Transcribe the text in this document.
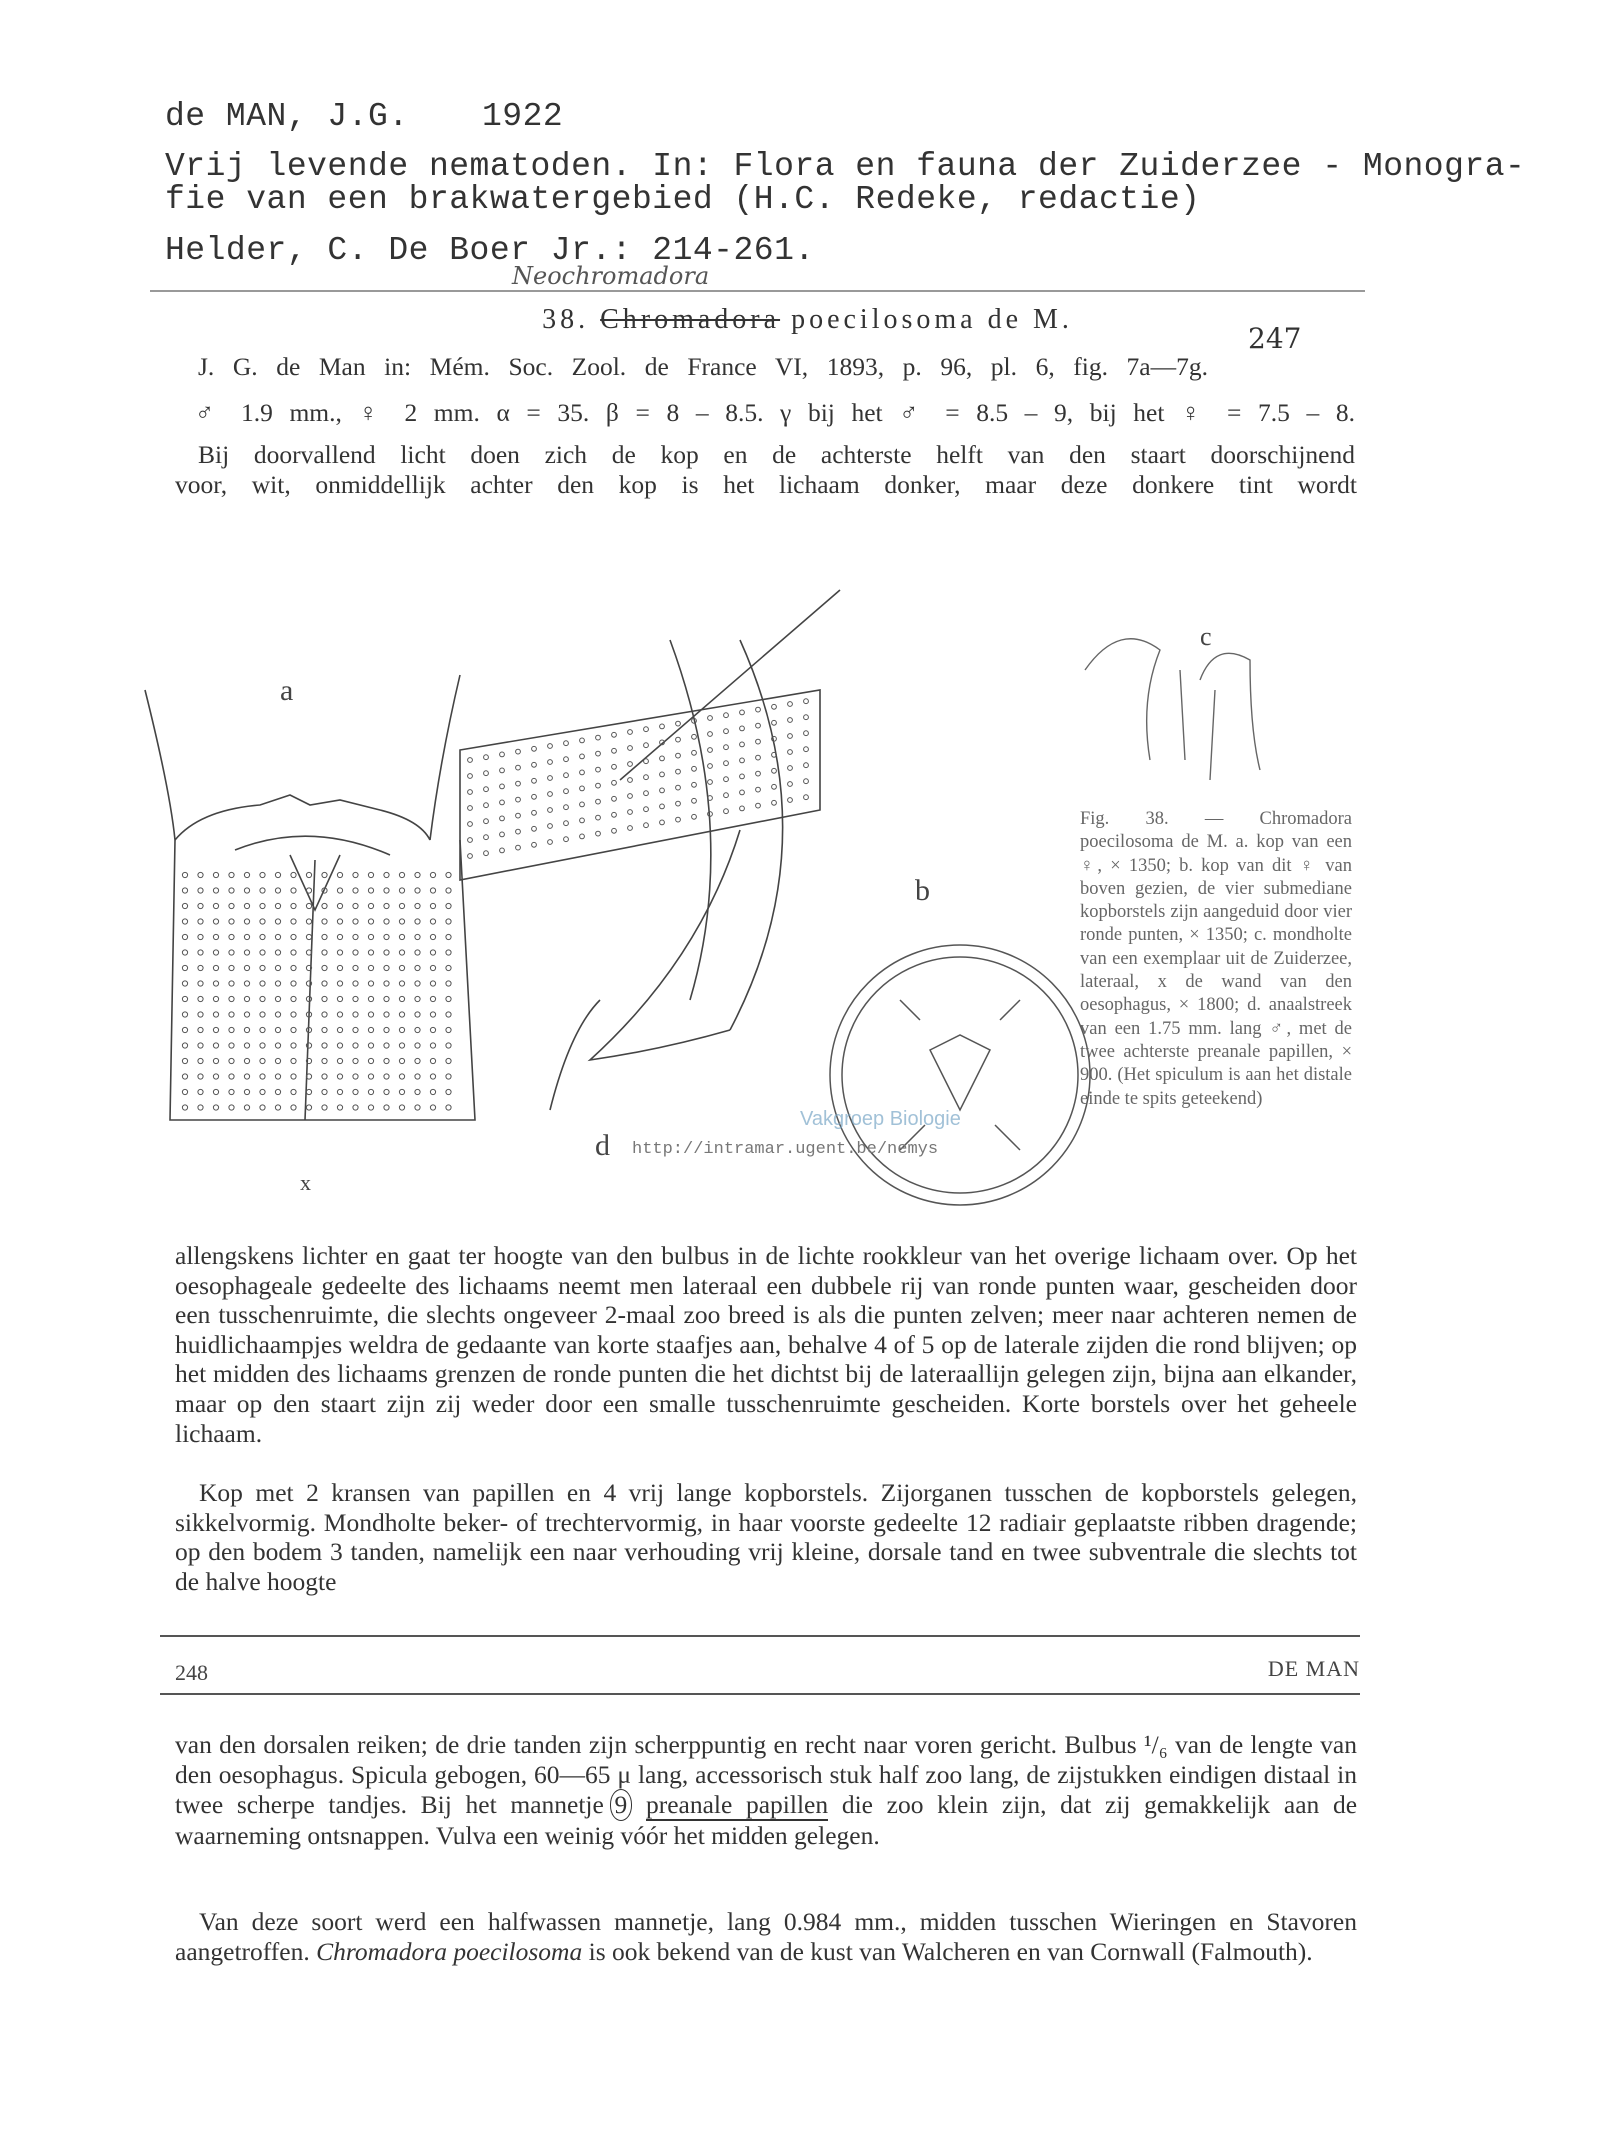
de MAN, J.G. 1922
Vrij levende nematoden. In: Flora en fauna der Zuiderzee - Monogra-
fie van een brakwatergebied (H.C. Redeke, redactie)
Helder, C. De Boer Jr.: 214-261.
Neochromadora
38. Chromadora poecilosoma de M.
247
J. G. de Man in: Mém. Soc. Zool. de France VI, 1893, p. 96, pl. 6, fig. 7a—7g.
♂ 1.9 mm., ♀ 2 mm. α = 35. β = 8 – 8.5. γ bij het ♂ = 8.5 – 9, bij het ♀ = 7.5 – 8.
Bij doorvallend licht doen zich de kop en de achterste helft van den staart doorschijnend
voor, wit, onmiddellijk achter den kop is het lichaam donker, maar deze donkere tint wordt
a
b
c
d
x
Vakgroep Biologie
http://intramar.ugent.be/nemys
Fig. 38. — Chromadora poecilosoma de M. a. kop van een ♀, × 1350; b. kop van dit ♀ van boven gezien, de vier submediane kopborstels zijn aangeduid door vier ronde punten, × 1350; c. mondholte van een exemplaar uit de Zuiderzee, lateraal, x de wand van den oesophagus, × 1800; d. anaalstreek van een 1.75 mm. lang ♂, met de twee achterste preanale papillen, × 900. (Het spiculum is aan het distale einde te spits geteekend)
allengskens lichter en gaat ter hoogte van den bulbus in de lichte rookkleur van het overige lichaam over. Op het oesophageale gedeelte des lichaams neemt men lateraal een dubbele rij van ronde punten waar, gescheiden door een tusschenruimte, die slechts ongeveer 2-maal zoo breed is als die punten zelven; meer naar achteren nemen de huidlichaampjes weldra de gedaante van korte staafjes aan, behalve 4 of 5 op de laterale zijden die rond blijven; op het midden des lichaams grenzen de ronde punten die het dichtst bij de lateraallijn gelegen zijn, bijna aan elkander, maar op den staart zijn zij weder door een smalle tusschenruimte gescheiden. Korte borstels over het geheele lichaam.
Kop met 2 kransen van papillen en 4 vrij lange kopborstels. Zijorganen tusschen de kopborstels gelegen, sikkelvormig. Mondholte beker- of trechtervormig, in haar voorste gedeelte 12 radiair geplaatste ribben dragende; op den bodem 3 tanden, namelijk een naar verhouding vrij kleine, dorsale tand en twee subventrale die slechts tot de halve hoogte
248	DE MAN
van den dorsalen reiken; de drie tanden zijn scherppuntig en recht naar voren gericht. Bulbus ¹/₆ van de lengte van den oesophagus. Spicula gebogen, 60—65 μ lang, accessorisch stuk half zoo lang, de zijstukken eindigen distaal in twee scherpe tandjes. Bij het mannetje 9 preanale papillen die zoo klein zijn, dat zij gemakkelijk aan de waarneming ontsnappen. Vulva een weinig vóór het midden gelegen.
Van deze soort werd een halfwassen mannetje, lang 0.984 mm., midden tusschen Wieringen en Stavoren aangetroffen. Chromadora poecilosoma is ook bekend van de kust van Walcheren en van Cornwall (Falmouth).
